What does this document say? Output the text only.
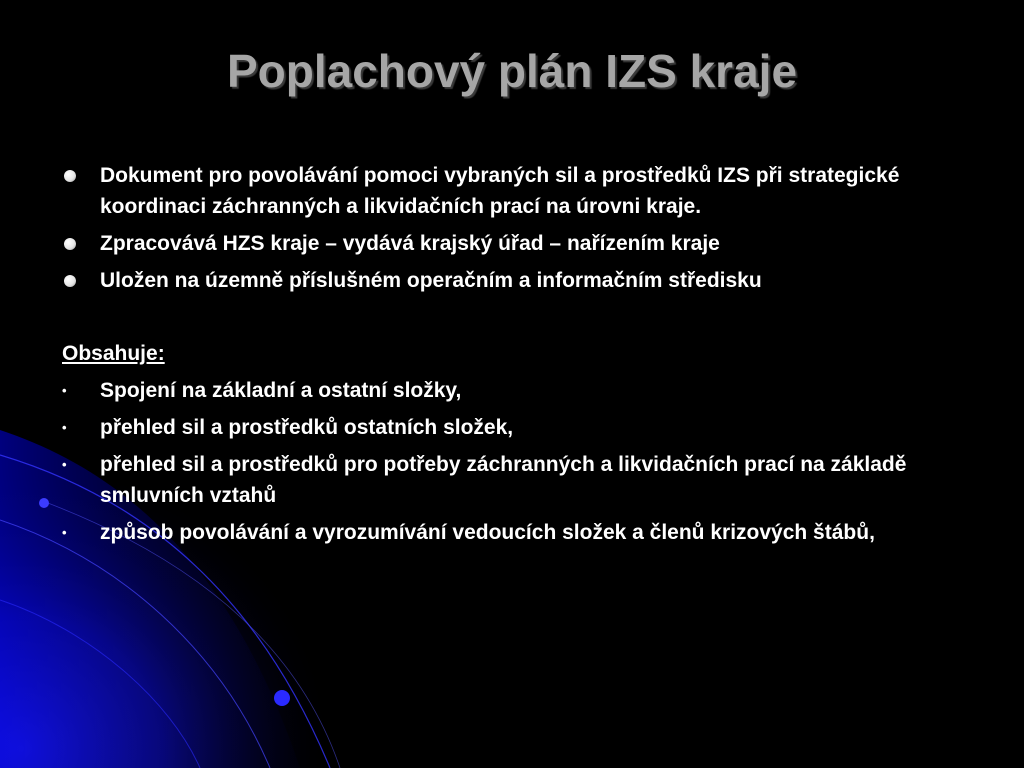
Poplachový plán IZS kraje
Dokument pro povolávání pomoci vybraných sil a prostředků IZS při strategické koordinaci záchranných a likvidačních prací na úrovni kraje.
Zpracovává HZS kraje – vydává krajský úřad – nařízením kraje
Uložen na územně příslušném operačním a informačním středisku
Obsahuje:
• Spojení na základní a ostatní složky,
• přehled sil a prostředků ostatních složek,
• přehled sil a prostředků pro potřeby záchranných a likvidačních prací na základě smluvních vztahů
• způsob povolávání a vyrozumívání vedoucích složek a členů krizových štábů,
